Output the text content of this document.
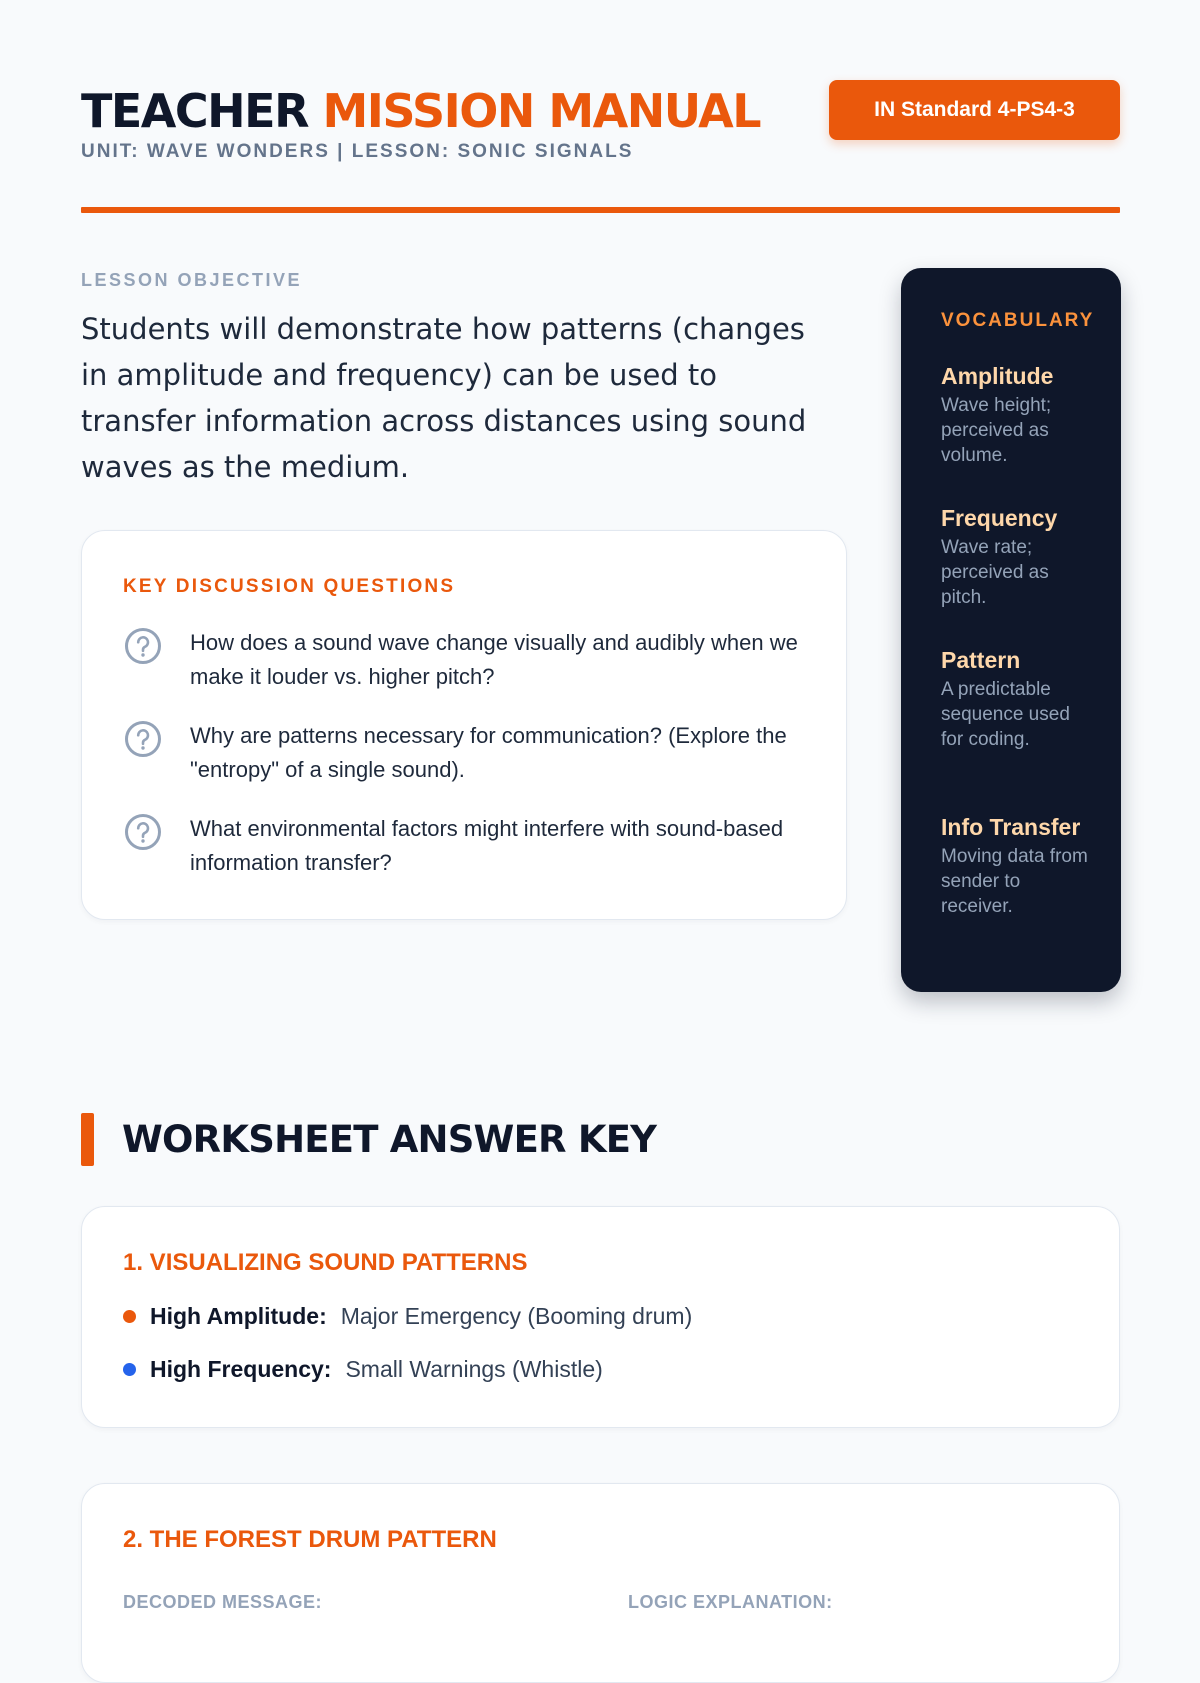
TEACHER MISSION MANUAL
UNIT: WAVE WONDERS | LESSON: SONIC SIGNALS
IN Standard 4-PS4-3
LESSON OBJECTIVE
Students will demonstrate how patterns (changes in amplitude and frequency) can be used to transfer information across distances using sound waves as the medium.
KEY DISCUSSION QUESTIONS
How does a sound wave change visually and audibly when we make it louder vs. higher pitch?
Why are patterns necessary for communication? (Explore the "entropy" of a single sound).
What environmental factors might interfere with sound-based information transfer?
VOCABULARY
Amplitude
Wave height; perceived as volume.
Frequency
Wave rate; perceived as pitch.
Pattern
A predictable sequence used for coding.
Info Transfer
Moving data from sender to receiver.
WORKSHEET ANSWER KEY
1. VISUALIZING SOUND PATTERNS
High Amplitude: Major Emergency (Booming drum)
High Frequency: Small Warnings (Whistle)
2. THE FOREST DRUM PATTERN
DECODED MESSAGE:	LOGIC EXPLANATION:
